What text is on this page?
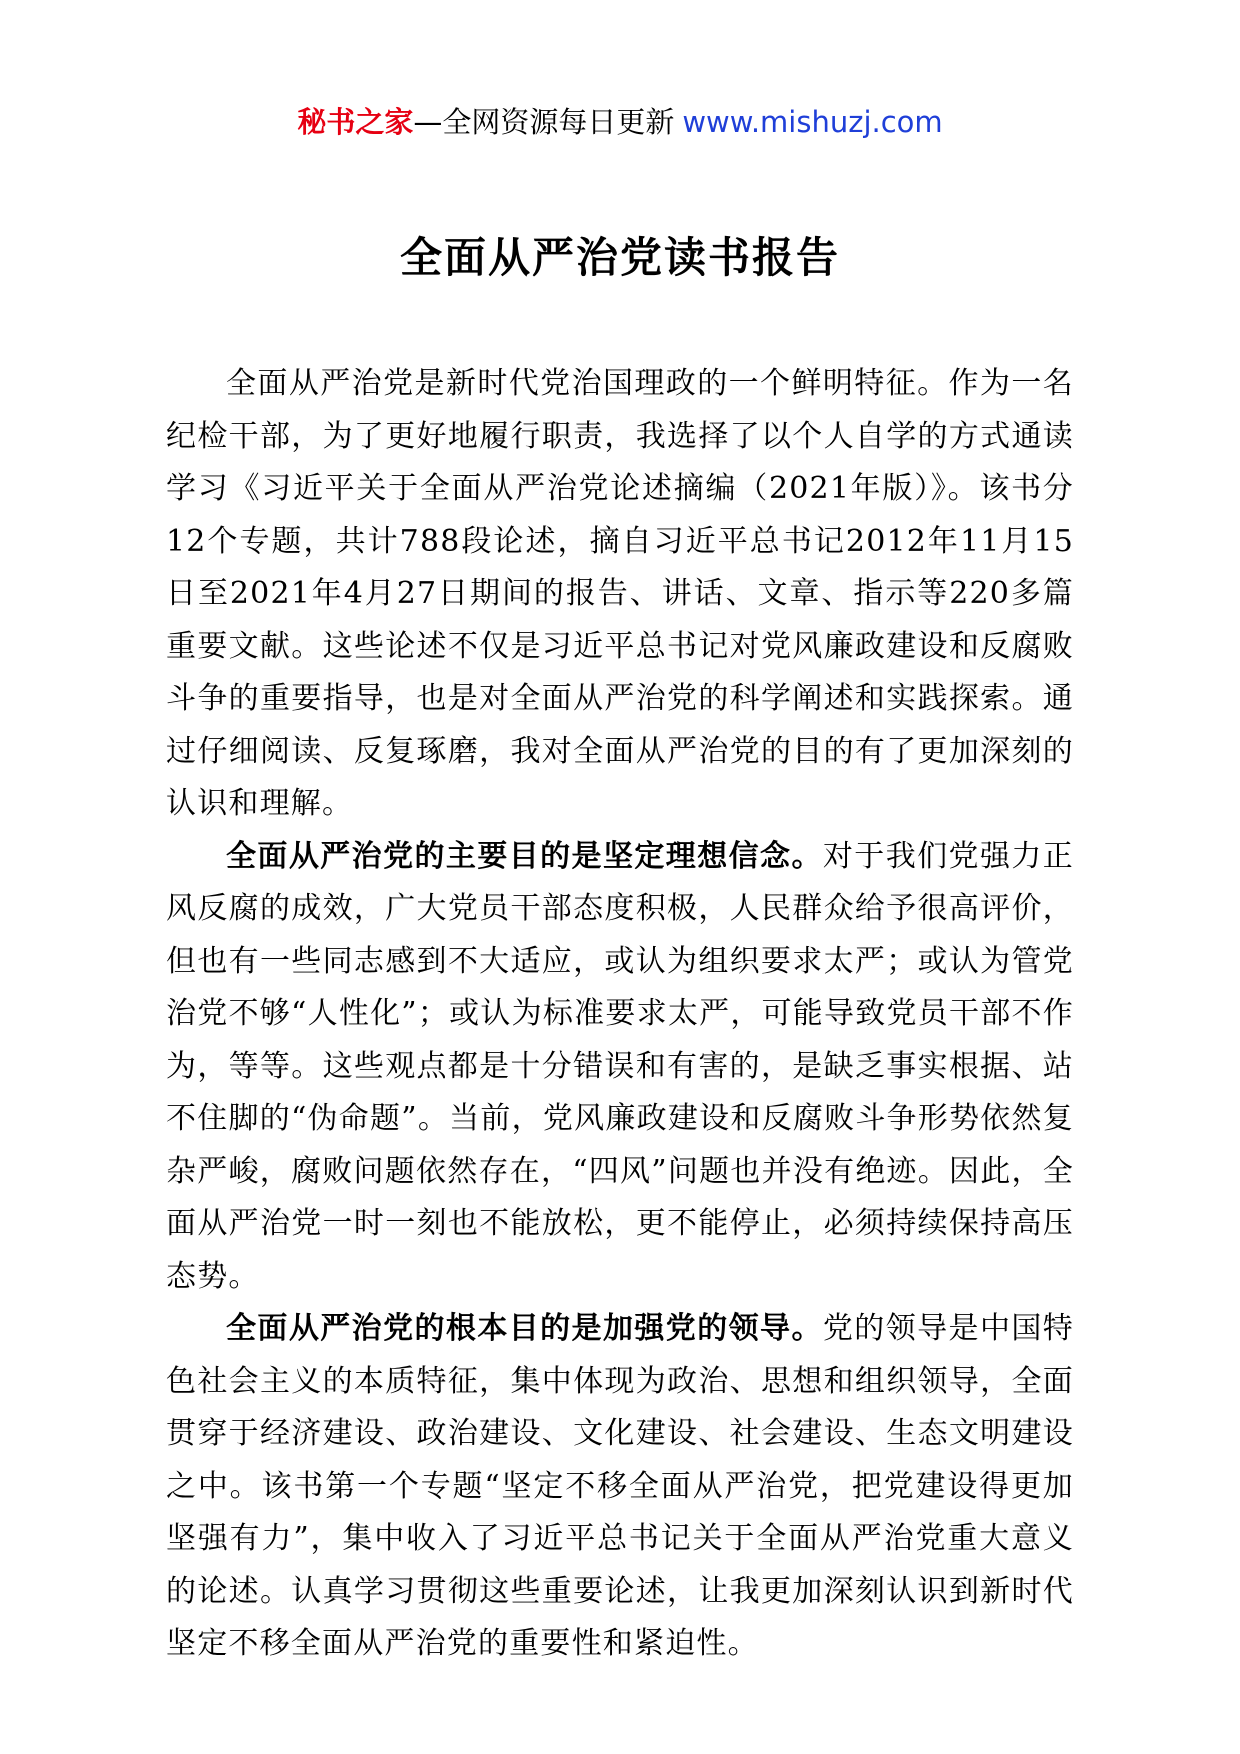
秘书之家—全网资源每日更新 www.mishuzj.com
全面从严治党读书报告

全面从严治党是新时代党治国理政的一个鲜明特征。作为一名纪检干部，为了更好地履行职责，我选择了以个人自学的方式通读学习《习近平关于全面从严治党论述摘编（2021年版）》。该书分12个专题，共计788段论述，摘自习近平总书记2012年11月15日至2021年4月27日期间的报告、讲话、文章、指示等220多篇重要文献。这些论述不仅是习近平总书记对党风廉政建设和反腐败斗争的重要指导，也是对全面从严治党的科学阐述和实践探索。通过仔细阅读、反复琢磨，我对全面从严治党的目的有了更加深刻的认识和理解。

全面从严治党的主要目的是坚定理想信念。对于我们党强力正风反腐的成效，广大党员干部态度积极，人民群众给予很高评价，但也有一些同志感到不大适应，或认为组织要求太严；或认为管党治党不够“人性化”；或认为标准要求太严，可能导致党员干部不作为，等等。这些观点都是十分错误和有害的，是缺乏事实根据、站不住脚的“伪命题”。当前，党风廉政建设和反腐败斗争形势依然复杂严峻，腐败问题依然存在，“四风”问题也并没有绝迹。因此，全面从严治党一时一刻也不能放松，更不能停止，必须持续保持高压态势。

全面从严治党的根本目的是加强党的领导。党的领导是中国特色社会主义的本质特征，集中体现为政治、思想和组织领导，全面贯穿于经济建设、政治建设、文化建设、社会建设、生态文明建设之中。该书第一个专题“坚定不移全面从严治党，把党建设得更加坚强有力”，集中收入了习近平总书记关于全面从严治党重大意义的论述。认真学习贯彻这些重要论述，让我更加深刻认识到新时代坚定不移全面从严治党的重要性和紧迫性。
